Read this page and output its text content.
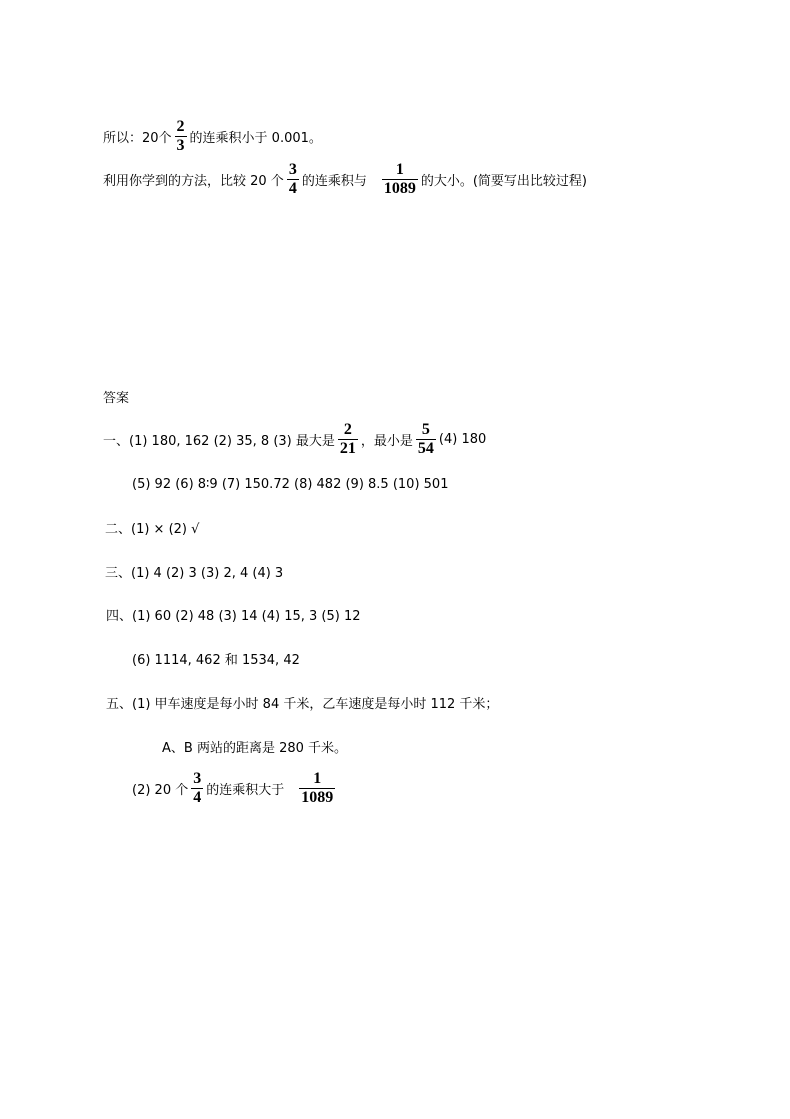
所以：20个 $\frac{2}{3}$ 的连乘积小于 0.001。
利用你学到的方法，比较 20 个 $\frac{3}{4}$ 的连乘积与 $\frac{1}{1089}$ 的大小。(简要写出比较过程)
答案
一、(1) 180, 162 (2) 35, 8 (3) 最大是 $\frac{2}{21}$ ，最小是 $\frac{5}{54} (4)$ 180
(5) 92 (6) 8∶9 (7) 150.72 (8) 482 (9) 8.5 (10) 501
二、(1) × (2) √
三、(1) 4 (2) 3 (3) 2, 4 (4) 3
四、(1) 60 (2) 48 (3) 14 (4) 15, 3 (5) 12
(6) 1114, 462 和 1534, 42
五、(1) 甲车速度是每小时 84 千米，乙车速度是每小时 112 千米；
A、B 两站的距离是 280 千米。
(2) 20 个 $\frac{3}{4}$ 的连乘积大于 $\frac{1}{1089}$
